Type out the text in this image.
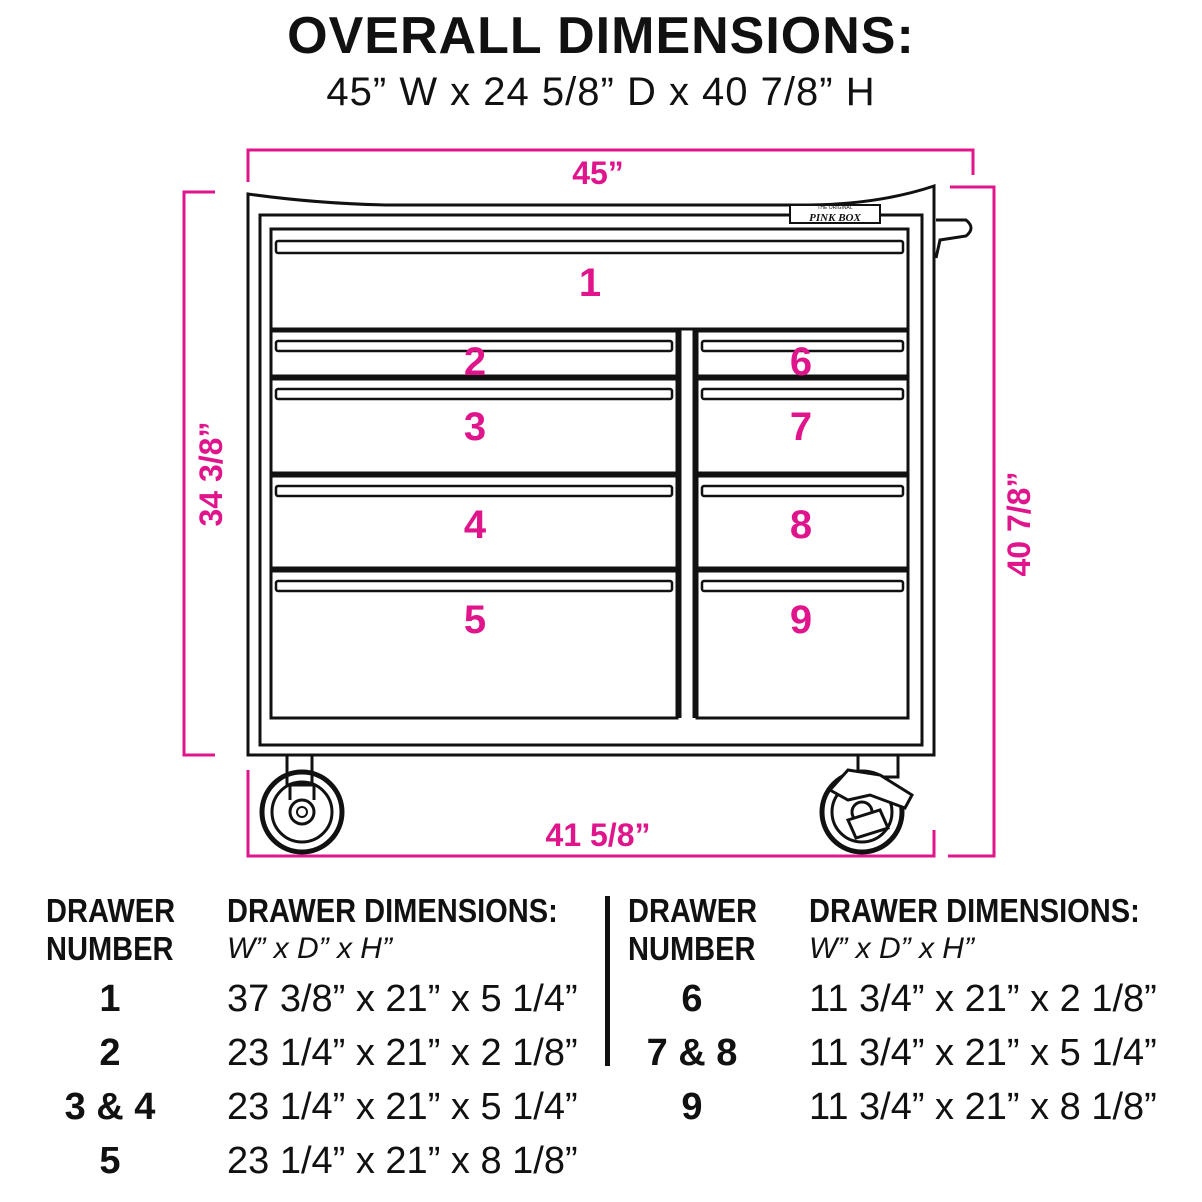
OVERALL DIMENSIONS:
45” W x 24 5/8” D x 40 7/8” H
THE ORIGINAL
PINK BOX
45”
41 5/8”
34 3/8”	40 7/8”
1
2
3
4
5
6
7
8
9
DRAWER
NUMBER
DRAWER DIMENSIONS:
W” x D” x H”
1	37 3/8” x 21” x 5 1/4”
2	23 1/4” x 21” x 2 1/8”
3 & 4	23 1/4” x 21” x 5 1/4”
5	23 1/4” x 21” x 8 1/8”
DRAWER
NUMBER
DRAWER DIMENSIONS:
W” x D” x H”
6	11 3/4” x 21” x 2 1/8”
7 & 8	11 3/4” x 21” x 5 1/4”
9	11 3/4” x 21” x 8 1/8”
